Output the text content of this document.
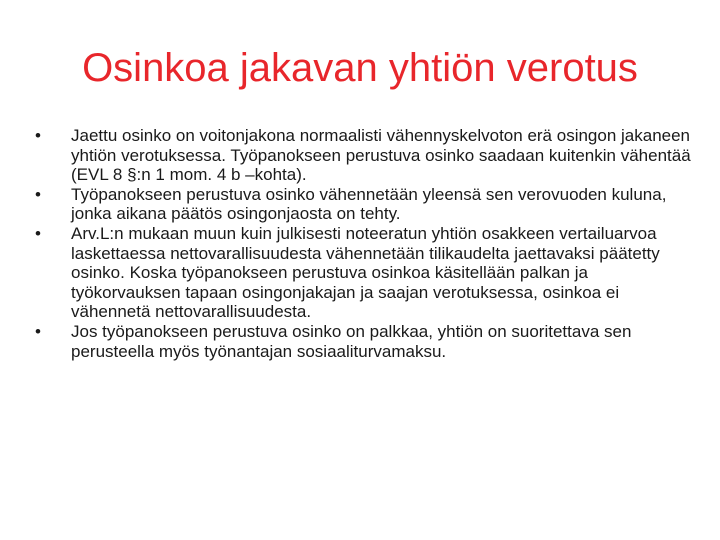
Osinkoa jakavan yhtiön verotus
•	Jaettu osinko on voitonjakona normaalisti vähennyskelvoton erä osingon jakaneen yhtiön verotuksessa. Työpanokseen perustuva osinko saadaan kuitenkin vähentää (EVL 8 §:n 1 mom. 4 b –kohta).
•	Työpanokseen perustuva osinko vähennetään yleensä sen verovuoden kuluna, jonka aikana päätös osingonjaosta on tehty.
•	Arv.L:n mukaan muun kuin julkisesti noteeratun yhtiön osakkeen vertailuarvoa laskettaessa nettovarallisuudesta vähennetään tilikaudelta jaettavaksi päätetty osinko. Koska työpanokseen perustuva osinkoa käsitellään palkan ja työkorvauksen tapaan osingonjakajan ja saajan verotuksessa, osinkoa ei vähennetä nettovarallisuudesta.
•	Jos työpanokseen perustuva osinko on palkkaa, yhtiön on suoritettava sen perusteella myös työnantajan sosiaaliturvamaksu.
